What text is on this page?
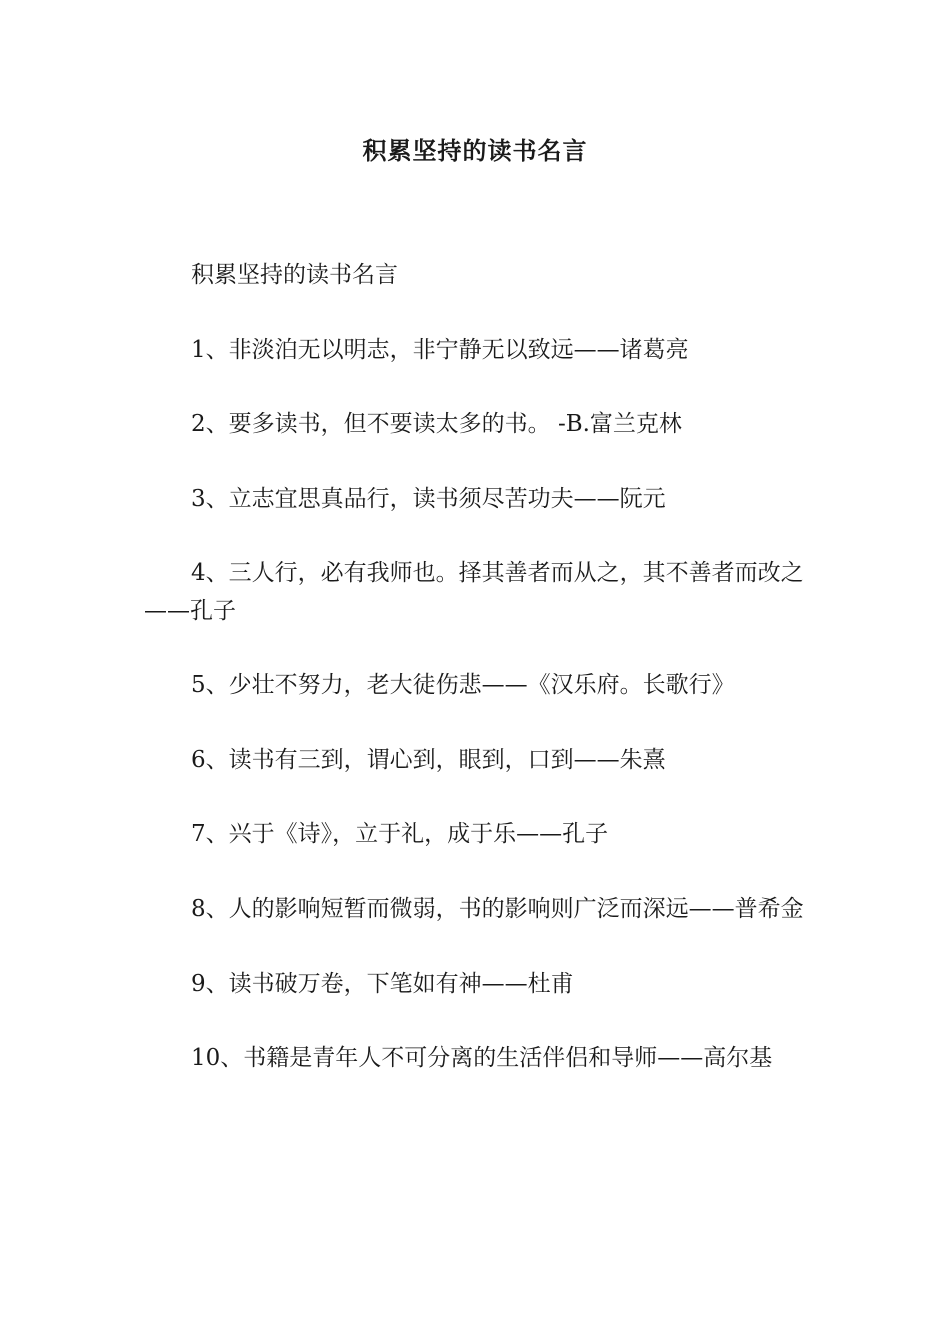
积累坚持的读书名言

积累坚持的读书名言

1、非淡泊无以明志，非宁静无以致远——诸葛亮

2、要多读书，但不要读太多的书。 -B.富兰克林

3、立志宜思真品行，读书须尽苦功夫——阮元

4、三人行，必有我师也。择其善者而从之，其不善者而改之——孔子

5、少壮不努力，老大徒伤悲——《汉乐府。长歌行》

6、读书有三到，谓心到，眼到，口到——朱熹

7、兴于《诗》，立于礼，成于乐——孔子

8、人的影响短暂而微弱，书的影响则广泛而深远——普希金

9、读书破万卷，下笔如有神——杜甫

10、书籍是青年人不可分离的生活伴侣和导师——高尔基
